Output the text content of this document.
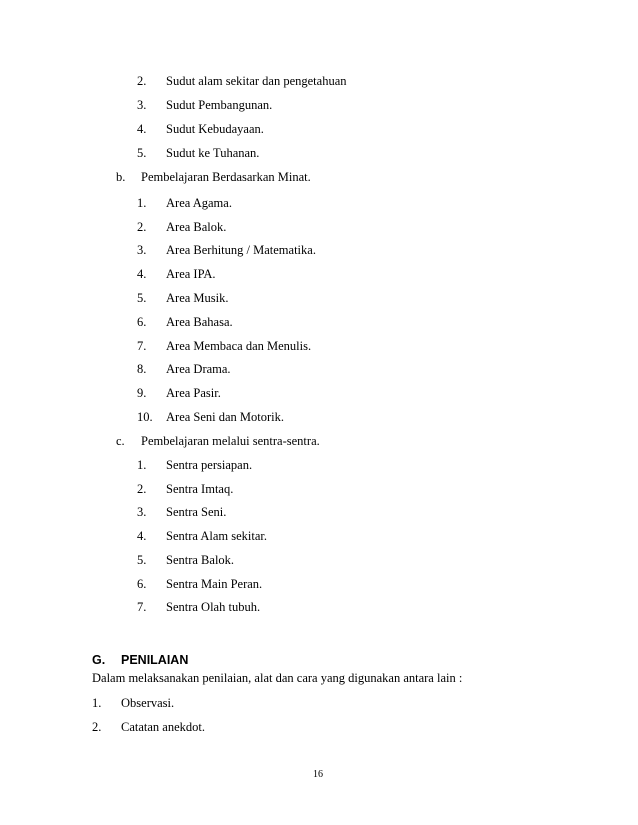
2. Sudut alam sekitar dan pengetahuan
3. Sudut Pembangunan.
4. Sudut Kebudayaan.
5. Sudut ke Tuhanan.
b. Pembelajaran Berdasarkan Minat.
1. Area Agama.
2. Area Balok.
3. Area Berhitung / Matematika.
4. Area IPA.
5. Area Musik.
6. Area Bahasa.
7. Area Membaca dan Menulis.
8. Area Drama.
9. Area Pasir.
10. Area Seni dan Motorik.
c. Pembelajaran melalui sentra-sentra.
1. Sentra persiapan.
2. Sentra Imtaq.
3. Sentra Seni.
4. Sentra Alam sekitar.
5. Sentra Balok.
6. Sentra Main Peran.
7. Sentra Olah tubuh.
G. PENILAIAN
Dalam melaksanakan penilaian, alat dan cara yang digunakan antara lain :
1. Observasi.
2. Catatan anekdot.
16
